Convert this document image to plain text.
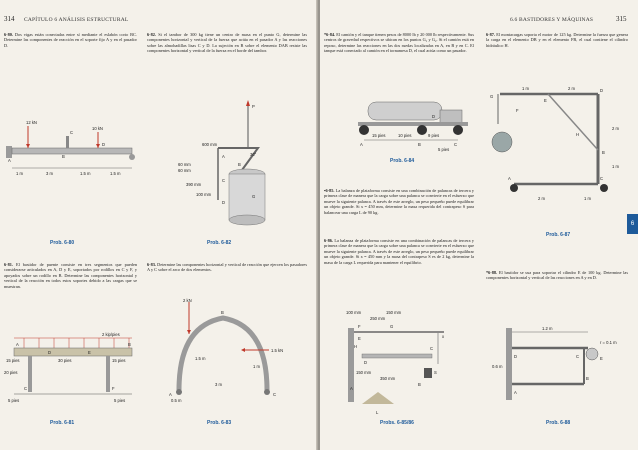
314 CAPÍTULO 6 ANÁLISIS ESTRUCTURAL
6-80. Dos vigas están conectadas entre sí mediante el eslabón corto BC. Determine las componentes de reacción en el soporte fijo A y en el pasador D.
12 kN
10 kN
A
B
C
D
1 m	3 m	1.5 m	1.5 m
Prob. 6-80
6-81. El bastidor de puente consiste en tres segmentos que pueden considerarse articulados en A, D y E, soportados por rodillos en C y F, y apoyados sobre un rodillo en B. Determine las componentes horizontal y vertical de la reacción en todos estos soportes debido a las cargas que se muestran.
2 kip/pies
15 pies	30 pies	15 pies
20 pies
5 pies	5 pies
A
D	E
B
C	F
Prob. 6-81
6-82. Si el tambor de 300 kg tiene un centro de masa en el punto G, determine las componentes horizontal y vertical de la fuerza que actúa en el pasador A y las reacciones sobre las almohadillas lisas C y D. La sujeción en B sobre el elemento DAB resiste las componentes horizontal y vertical de la fuerza en el borde del tambor.
P
600 mm
30°
60 mm
60 mm
390 mm
100 mm	G
A
B
C
D
Prob. 6-82
6-83. Determine las componentes horizontal y vertical de reacción que ejercen los pasadores A y C sobre el arco de dos elementos.
2 kN
1.5 kN
B
1.5 m
1 m
3 m
0.5 m
A	C
Prob. 6-83
6.6 BASTIDORES Y MÁQUINAS	315
*6-84. El camión y el tanque tienen pesos de 8000 lb y 20 000 lb respectivamente. Sus centros de gravedad respectivos se ubican en los puntos G₁ y G₂. Si el camión está en reposo, determine las reacciones en las dos ruedas localizadas en A, en B y en C. El tanque está conectado al camión en el tornamesa D, el cual actúa como un pasador.
A	B	C
D
15 pies	10 pies	9 pies
5 pies
Prob. 6-84
•6-85. La balanza de plataforma consiste en una combinación de palancas de tercera y primera clase de manera que la carga sobre una palanca se convierte en el esfuerzo que mueve la siguiente palanca. A través de este arreglo, un peso pequeño puede equilibrar un objeto grande. Si x = 450 mm, determine la masa requerida del contrapeso S para balancear una carga L de 90 kg.
6-86. La balanza de plataforma consiste en una combinación de palancas de tercera y primera clase de manera que la carga sobre una palanca se convierte en el esfuerzo que mueve la siguiente palanca. A través de este arreglo, un peso pequeño puede equilibrar un objeto grande. Si x = 450 mm y la masa del contrapeso S es de 2 kg, determine la masa de la carga L requerida para mantener el equilibrio.
100 mm	150 mm
250 mm
150 mm
350 mm
E
G
F
H	C
D
B
A
S
L
x
Probs. 6-85/86
6-87. El montacargas soporta el motor de 125 kg. Determine la fuerza que genera la carga en el elemento DB y en el elemento FB, el cual contiene el cilindro hidráulico H.
1 m	2 m
2 m
1 m
2 m	1 m
G
F
E
D
H
B
C
A
Prob. 6-87
*6-88. El bastidor se usa para soportar el cilindro E de 100 kg. Determine las componentes horizontal y vertical de las reacciones en A y en D.
1.2 m
r = 0.1 m
0.6 m
D	C	E
B
A
Prob. 6-88
6
